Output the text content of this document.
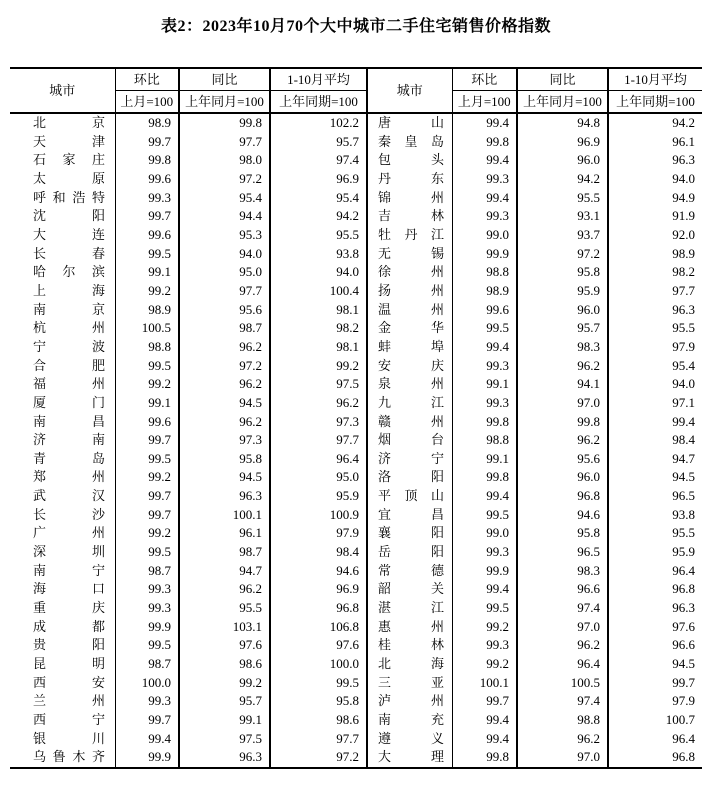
表2：2023年10月70个大中城市二手住宅销售价格指数
城市	环比	同比	1-10月平均	城市	环比	同比	1-10月平均
	上月=100	上年同月=100	上年同期=100		上月=100	上年同月=100	上年同期=100
北京	98.9	99.8	102.2	唐山	99.4	94.8	94.2
天津	99.7	97.7	95.7	秦皇岛	99.8	96.9	96.1
石家庄	99.8	98.0	97.4	包头	99.4	96.0	96.3
太原	99.6	97.2	96.9	丹东	99.3	94.2	94.0
呼和浩特	99.3	95.4	95.4	锦州	99.4	95.5	94.9
沈阳	99.7	94.4	94.2	吉林	99.3	93.1	91.9
大连	99.6	95.3	95.5	牡丹江	99.0	93.7	92.0
长春	99.5	94.0	93.8	无锡	99.9	97.2	98.9
哈尔滨	99.1	95.0	94.0	徐州	98.8	95.8	98.2
上海	99.2	97.7	100.4	扬州	98.9	95.9	97.7
南京	98.9	95.6	98.1	温州	99.6	96.0	96.3
杭州	100.5	98.7	98.2	金华	99.5	95.7	95.5
宁波	98.8	96.2	98.1	蚌埠	99.4	98.3	97.9
合肥	99.5	97.2	99.2	安庆	99.3	96.2	95.4
福州	99.2	96.2	97.5	泉州	99.1	94.1	94.0
厦门	99.1	94.5	96.2	九江	99.3	97.0	97.1
南昌	99.6	96.2	97.3	赣州	99.8	99.8	99.4
济南	99.7	97.3	97.7	烟台	98.8	96.2	98.4
青岛	99.5	95.8	96.4	济宁	99.1	95.6	94.7
郑州	99.2	94.5	95.0	洛阳	99.8	96.0	94.5
武汉	99.7	96.3	95.9	平顶山	99.4	96.8	96.5
长沙	99.7	100.1	100.9	宜昌	99.5	94.6	93.8
广州	99.2	96.1	97.9	襄阳	99.0	95.8	95.5
深圳	99.5	98.7	98.4	岳阳	99.3	96.5	95.9
南宁	98.7	94.7	94.6	常德	99.9	98.3	96.4
海口	99.3	96.2	96.9	韶关	99.4	96.6	96.8
重庆	99.3	95.5	96.8	湛江	99.5	97.4	96.3
成都	99.9	103.1	106.8	惠州	99.2	97.0	97.6
贵阳	99.5	97.6	97.6	桂林	99.3	96.2	96.6
昆明	98.7	98.6	100.0	北海	99.2	96.4	94.5
西安	100.0	99.2	99.5	三亚	100.1	100.5	99.7
兰州	99.3	95.7	95.8	泸州	99.7	97.4	97.9
西宁	99.7	99.1	98.6	南充	99.4	98.8	100.7
银川	99.4	97.5	97.7	遵义	99.4	96.2	96.4
乌鲁木齐	99.9	96.3	97.2	大理	99.8	97.0	96.8
